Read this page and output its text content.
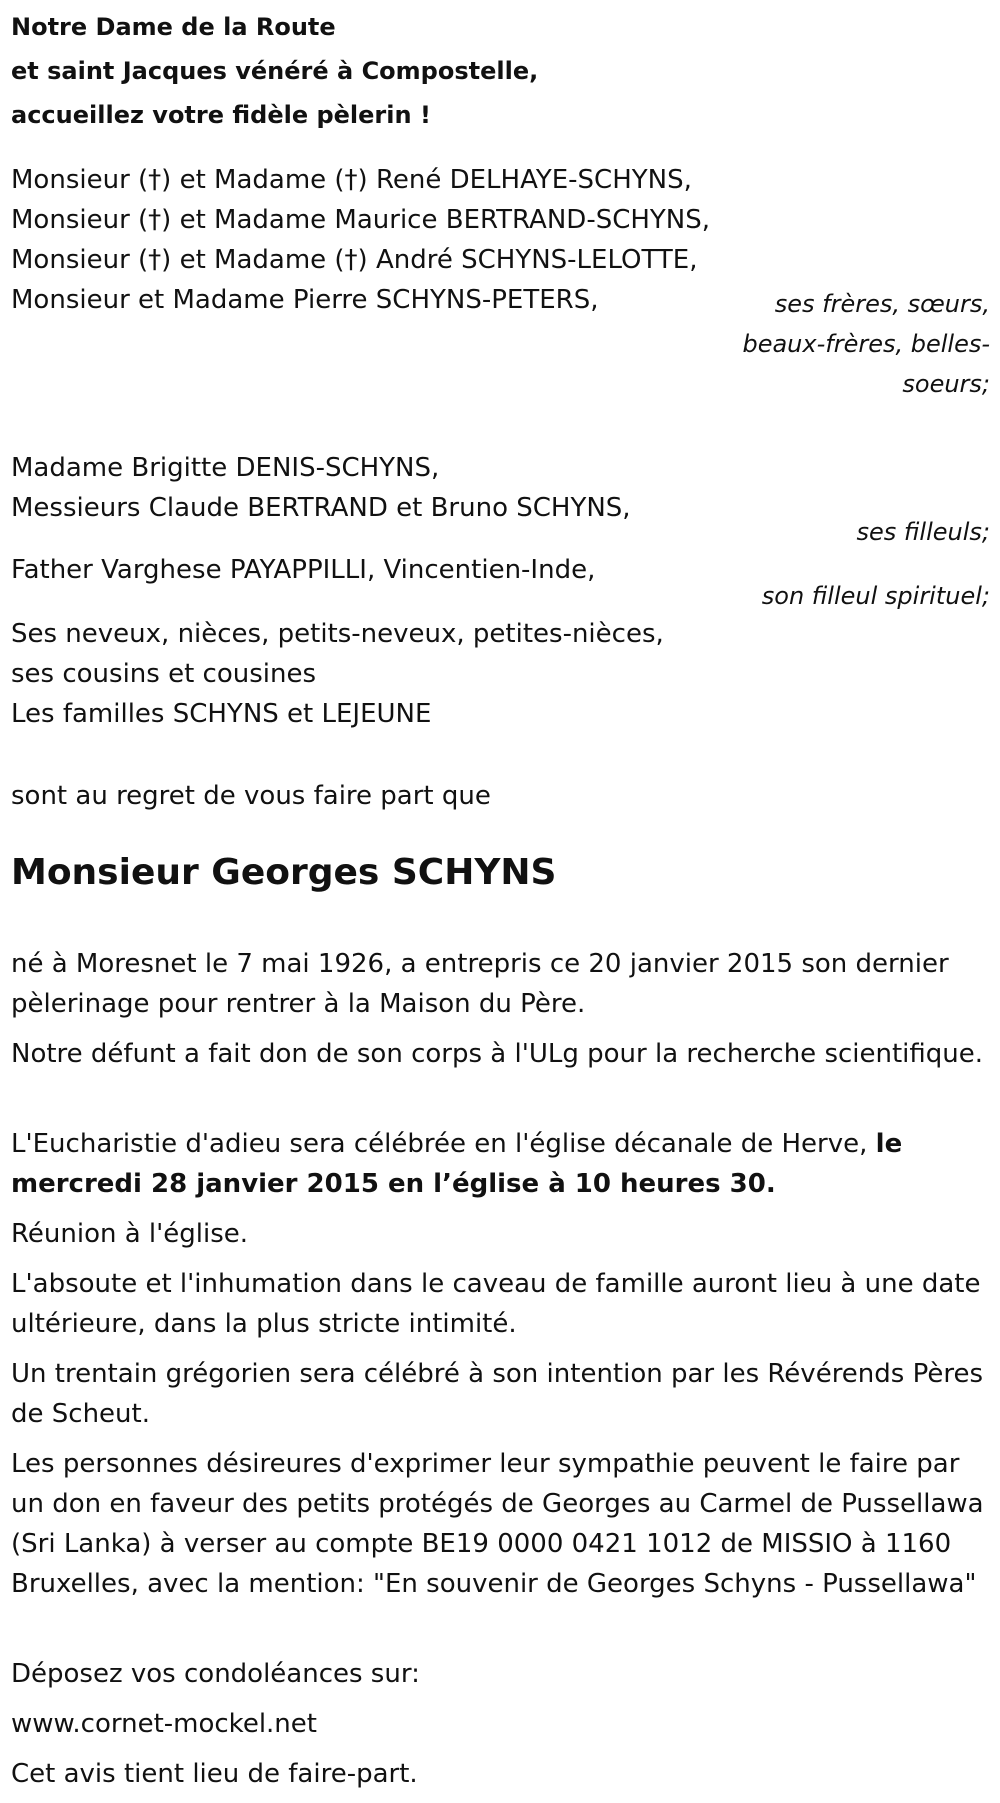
Notre Dame de la Route
et saint Jacques vénéré à Compostelle,
accueillez votre fidèle pèlerin !
Monsieur (†) et Madame (†) René DELHAYE-SCHYNS,
Monsieur (†) et Madame Maurice BERTRAND-SCHYNS,
Monsieur (†) et Madame (†) André SCHYNS-LELOTTE,
Monsieur et Madame Pierre SCHYNS-PETERS,	ses frères, sœurs,
beaux-frères, belles-
soeurs;
Madame Brigitte DENIS-SCHYNS,
Messieurs Claude BERTRAND et Bruno SCHYNS,
ses filleuls;
Father Varghese PAYAPPILLI, Vincentien-Inde,
son filleul spirituel;
Ses neveux, nièces, petits-neveux, petites-nièces,
ses cousins et cousines
Les familles SCHYNS et LEJEUNE
sont au regret de vous faire part que
Monsieur Georges SCHYNS
né à Moresnet le 7 mai 1926, a entrepris ce 20 janvier 2015 son dernier pèlerinage pour rentrer à la Maison du Père.
Notre défunt a fait don de son corps à l'ULg pour la recherche scientifique.
L'Eucharistie d'adieu sera célébrée en l'église décanale de Herve, le mercredi 28 janvier 2015 en l’église à 10 heures 30.
Réunion à l'église.
L'absoute et l'inhumation dans le caveau de famille auront lieu à une date ultérieure, dans la plus stricte intimité.
Un trentain grégorien sera célébré à son intention par les Révérends Pères de Scheut.
Les personnes désireures d'exprimer leur sympathie peuvent le faire par un don en faveur des petits protégés de Georges au Carmel de Pussellawa (Sri Lanka) à verser au compte BE19 0000 0421 1012 de MISSIO à 1160 Bruxelles, avec la mention: "En souvenir de Georges Schyns - Pussellawa"
Déposez vos condoléances sur:
www.cornet-mockel.net
Cet avis tient lieu de faire-part.
